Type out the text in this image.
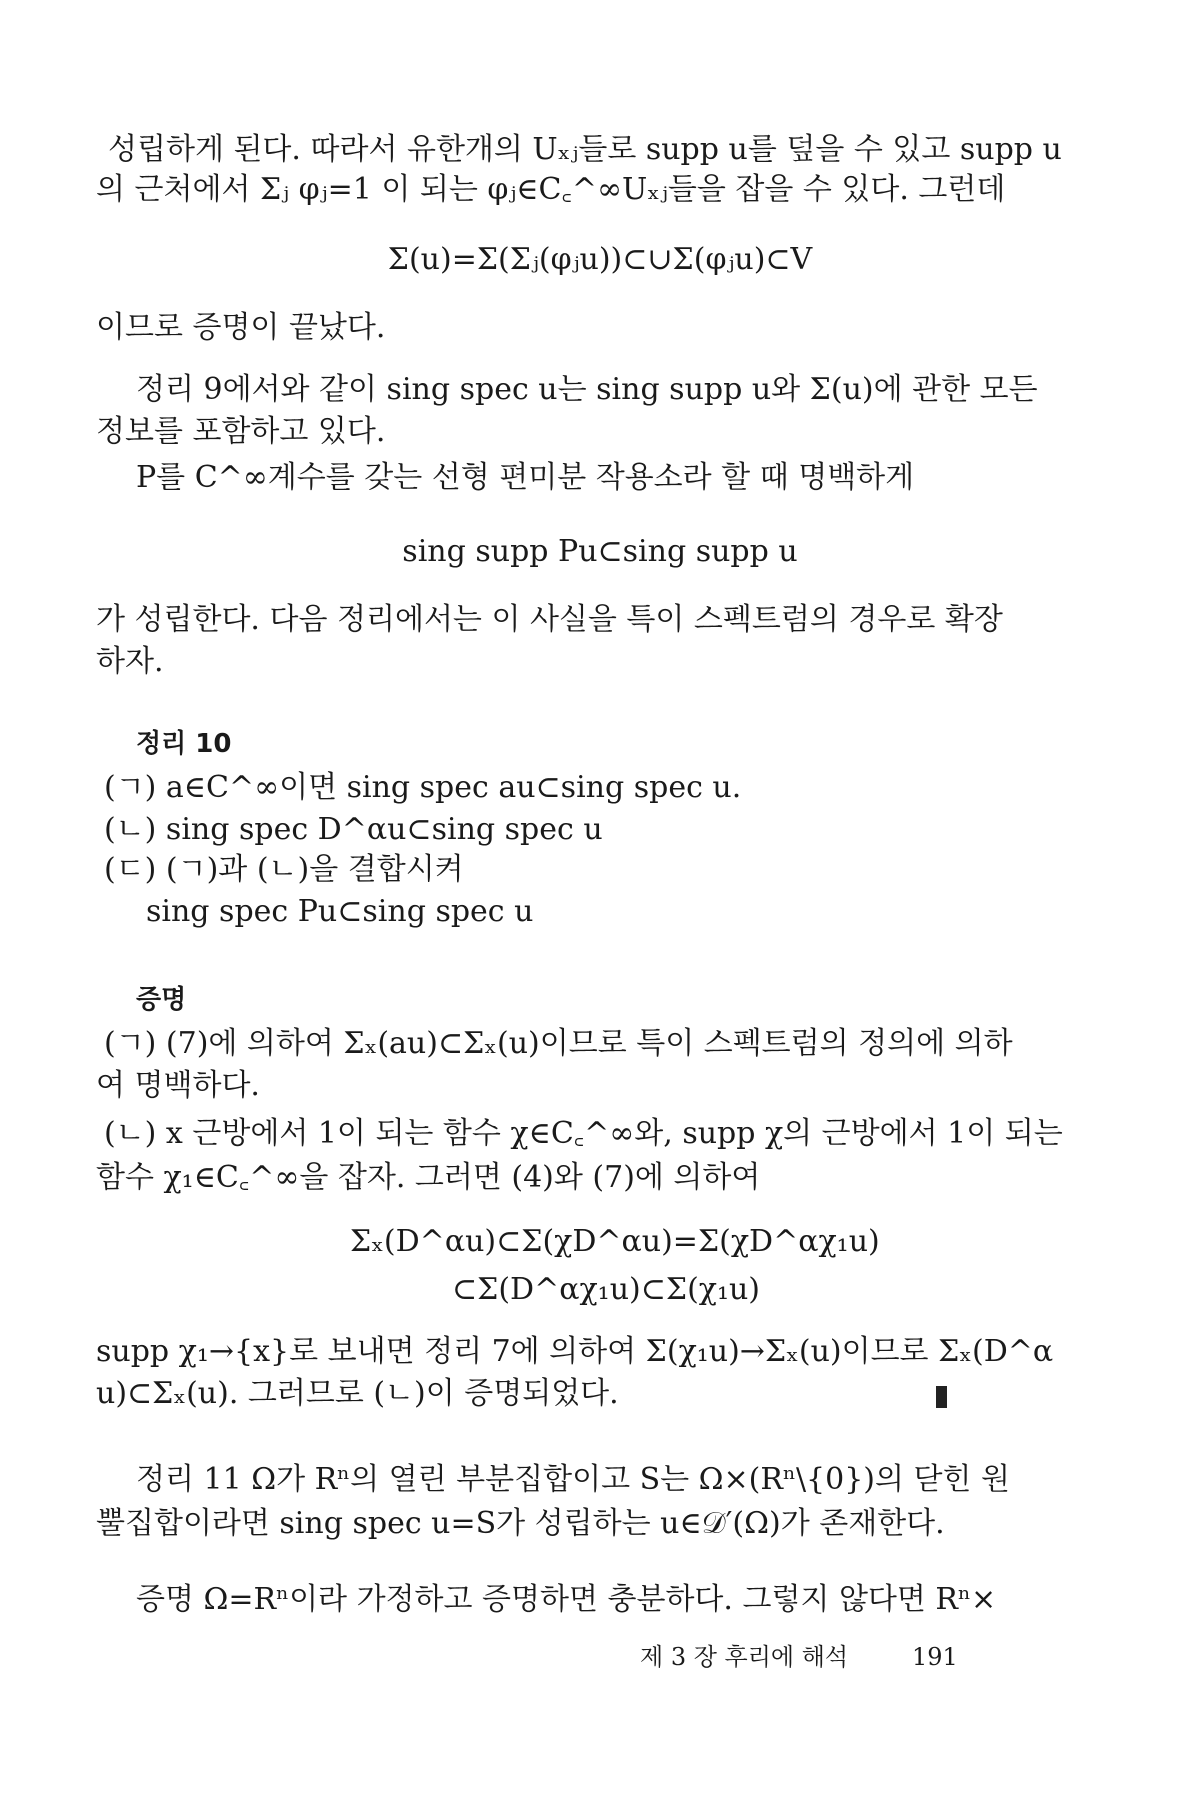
성립하게 된다. 따라서 유한개의 Uₓⱼ들로 supp u를 덮을 수 있고 supp u
의 근처에서 Σⱼ φⱼ=1 이 되는 φⱼ∈C꜀^∞Uₓⱼ들을 잡을 수 있다. 그런데
Σ(u)=Σ(Σⱼ(φⱼu))⊂∪Σ(φⱼu)⊂V
이므로 증명이 끝났다.
정리 9에서와 같이 sing spec u는 sing supp u와 Σ(u)에 관한 모든
정보를 포함하고 있다.
P를 C^∞계수를 갖는 선형 편미분 작용소라 할 때 명백하게
sing supp Pu⊂sing supp u
가 성립한다. 다음 정리에서는 이 사실을 특이 스펙트럼의 경우로 확장
하자.
정리 10
(ㄱ) a∈C^∞이면 sing spec au⊂sing spec u.
(ㄴ) sing spec D^αu⊂sing spec u
(ㄷ) (ㄱ)과 (ㄴ)을 결합시켜
sing spec Pu⊂sing spec u
증명
(ㄱ) (7)에 의하여 Σₓ(au)⊂Σₓ(u)이므로 특이 스펙트럼의 정의에 의하
여 명백하다.
(ㄴ) x 근방에서 1이 되는 함수 χ∈C꜀^∞와, supp χ의 근방에서 1이 되는
함수 χ₁∈C꜀^∞을 잡자. 그러면 (4)와 (7)에 의하여
Σₓ(D^αu)⊂Σ(χD^αu)=Σ(χD^αχ₁u)
⊂Σ(D^αχ₁u)⊂Σ(χ₁u)
supp χ₁→{x}로 보내면 정리 7에 의하여 Σ(χ₁u)→Σₓ(u)이므로 Σₓ(D^α
u)⊂Σₓ(u). 그러므로 (ㄴ)이 증명되었다.
정리 11 Ω가 Rⁿ의 열린 부분집합이고 S는 Ω×(Rⁿ\{0})의 닫힌 원
뿔집합이라면 sing spec u=S가 성립하는 u∈𝒟′(Ω)가 존재한다.
증명 Ω=Rⁿ이라 가정하고 증명하면 충분하다. 그렇지 않다면 Rⁿ×
제 3 장 후리에 해석	191
